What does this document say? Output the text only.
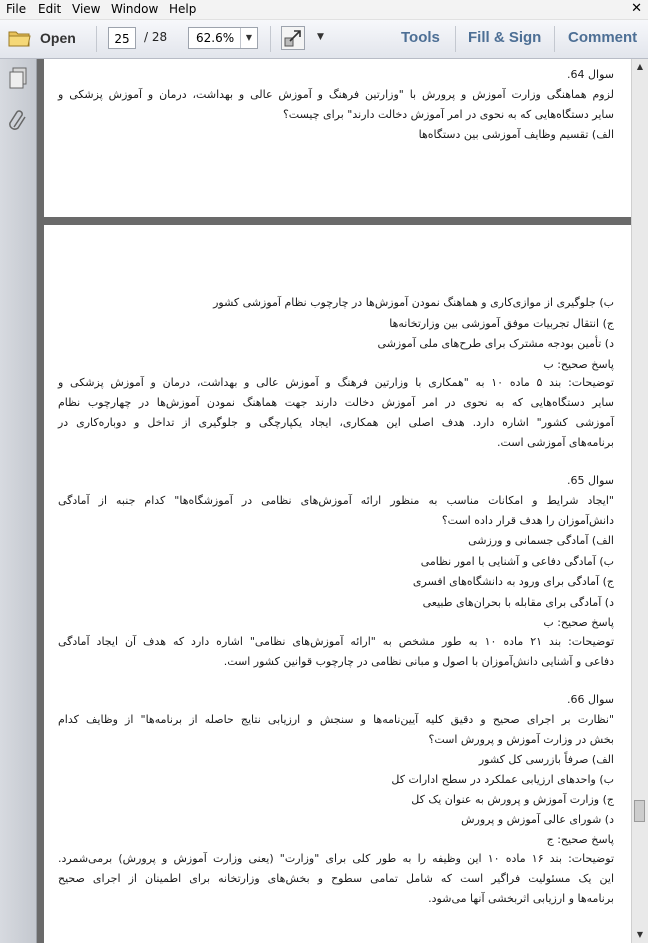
File Edit View Window Help	✕
Open	25	/ 28 62.6%	▼	▼	Tools Fill & Sign Comment
سوال 64.
لزوم هماهنگی وزارت آموزش و پرورش با "وزارتین فرهنگ و آموزش عالی و بهداشت، درمان و آموزش پزشکی و
سایر دستگاه‌هایی که به نحوی در امر آموزش دخالت دارند" برای چیست؟
الف) تقسیم وظایف آموزشی بین دستگاه‌ها
ب) جلوگیری از موازی‌کاری و هماهنگ نمودن آموزش‌ها در چارچوب نظام آموزشی کشور
ج) انتقال تجربیات موفق آموزشی بین وزارتخانه‌ها
د) تأمین بودجه مشترک برای طرح‌های ملی آموزشی
پاسخ صحیح: ب
توضیحات: بند ۵ ماده ۱۰ به "همکاری با وزارتین فرهنگ و آموزش عالی و بهداشت، درمان و آموزش پزشکی و
سایر دستگاه‌هایی که به نحوی در امر آموزش دخالت دارند جهت هماهنگ نمودن آموزش‌ها در چهارچوب نظام
آموزشی کشور" اشاره دارد. هدف اصلی این همکاری، ایجاد یکپارچگی و جلوگیری از تداخل و دوباره‌کاری در
برنامه‌های آموزشی است.
سوال 65.
"ایجاد شرایط و امکانات مناسب به منظور ارائه آموزش‌های نظامی در آموزشگاه‌ها" کدام جنبه از آمادگی
دانش‌آموزان را هدف قرار داده است؟
الف) آمادگی جسمانی و ورزشی
ب) آمادگی دفاعی و آشنایی با امور نظامی
ج) آمادگی برای ورود به دانشگاه‌های افسری
د) آمادگی برای مقابله با بحران‌های طبیعی
پاسخ صحیح: ب
توضیحات: بند ۲۱ ماده ۱۰ به طور مشخص به "ارائه آموزش‌های نظامی" اشاره دارد که هدف آن ایجاد آمادگی
دفاعی و آشنایی دانش‌آموزان با اصول و مبانی نظامی در چارچوب قوانین کشور است.
سوال 66.
"نظارت بر اجرای صحیح و دقیق کلیه آیین‌نامه‌ها و سنجش و ارزیابی نتایج حاصله از برنامه‌ها" از وظایف کدام
بخش در وزارت آموزش و پرورش است؟
الف) صرفاً بازرسی کل کشور
ب) واحدهای ارزیابی عملکرد در سطح ادارات کل
ج) وزارت آموزش و پرورش به عنوان یک کل
د) شورای عالی آموزش و پرورش
پاسخ صحیح: ج
توضیحات: بند ۱۶ ماده ۱۰ این وظیفه را به طور کلی برای "وزارت" (یعنی وزارت آموزش و پرورش) برمی‌شمرد.
این یک مسئولیت فراگیر است که شامل تمامی سطوح و بخش‌های وزارتخانه برای اطمینان از اجرای صحیح
برنامه‌ها و ارزیابی اثربخشی آنها می‌شود.
▲
▼
